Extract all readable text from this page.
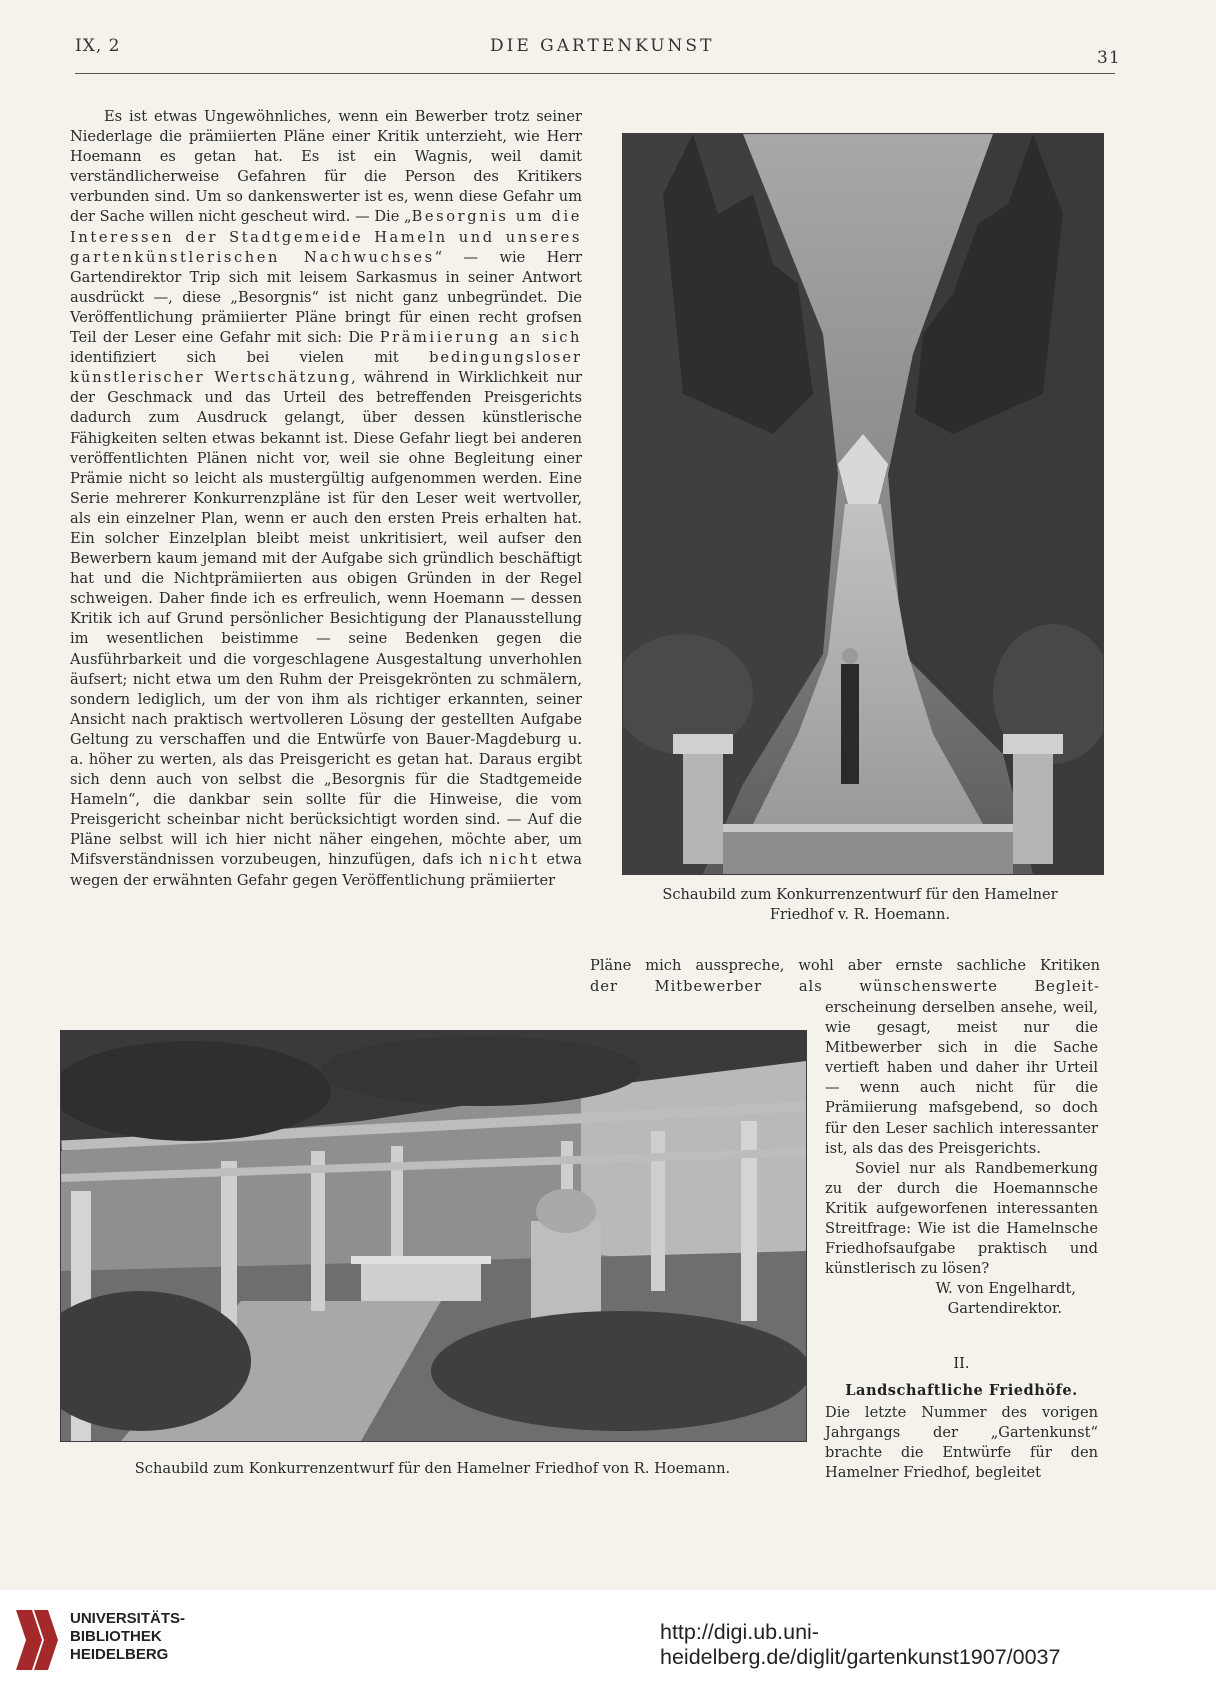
IX, 2	DIE GARTENKUNST
31

Es ist etwas Ungewöhnliches, wenn ein Bewerber trotz seiner Niederlage die prämiierten Pläne einer Kritik unterzieht, wie Herr Hoemann es getan hat. Es ist ein Wagnis, weil damit verständlicherweise Gefahren für die Person des Kritikers verbunden sind. Um so dankenswerter ist es, wenn diese Gefahr um der Sache willen nicht gescheut wird. — Die „Besorgnis um die Interessen der Stadtgemeide Hameln und unseres gartenkünstlerischen Nachwuchses“ — wie Herr Gartendirektor Trip sich mit leisem Sarkasmus in seiner Antwort ausdrückt —, diese „Besorgnis“ ist nicht ganz unbegründet. Die Veröffentlichung prämiierter Pläne bringt für einen recht grofsen Teil der Leser eine Gefahr mit sich: Die Prämiierung an sich identifiziert sich bei vielen mit bedingungsloser künstlerischer Wertschätzung, während in Wirklichkeit nur der Geschmack und das Urteil des betreffenden Preisgerichts dadurch zum Ausdruck gelangt, über dessen künstlerische Fähigkeiten selten etwas bekannt ist. Diese Gefahr liegt bei anderen veröffentlichten Plänen nicht vor, weil sie ohne Begleitung einer Prämie nicht so leicht als mustergültig aufgenommen werden. Eine Serie mehrerer Konkurrenzpläne ist für den Leser weit wertvoller, als ein einzelner Plan, wenn er auch den ersten Preis erhalten hat. Ein solcher Einzelplan bleibt meist unkritisiert, weil aufser den Bewerbern kaum jemand mit der Aufgabe sich gründlich beschäftigt hat und die Nichtprämiierten aus obigen Gründen in der Regel schweigen. Daher finde ich es erfreulich, wenn Hoemann — dessen Kritik ich auf Grund persönlicher Besichtigung der Planausstellung im wesentlichen beistimme — seine Bedenken gegen die Ausführbarkeit und die vorgeschlagene Ausgestaltung unverhohlen äufsert; nicht etwa um den Ruhm der Preisgekrönten zu schmälern, sondern lediglich, um der von ihm als richtiger erkannten, seiner Ansicht nach praktisch wertvolleren Lösung der gestellten Aufgabe Geltung zu verschaffen und die Entwürfe von Bauer-Magdeburg u. a. höher zu werten, als das Preisgericht es getan hat. Daraus ergibt sich denn auch von selbst die „Besorgnis für die Stadtgemeide Hameln“, die dankbar sein sollte für die Hinweise, die vom Preisgericht scheinbar nicht berücksichtigt worden sind. — Auf die Pläne selbst will ich hier nicht näher eingehen, möchte aber, um Mifsverständnissen vorzubeugen, hinzufügen, dafs ich nicht etwa wegen der erwähnten Gefahr gegen Veröffentlichung prämiierter

Schaubild zum Konkurrenzentwurf für den Hamelner
Friedhof v. R. Hoemann.

Pläne mich ausspreche, wohl aber ernste sachliche Kritiken

der Mitbewerber als wünschenswerte Begleit-

Schaubild zum Konkurrenzentwurf für den Hamelner Friedhof von R. Hoemann.

erscheinung derselben ansehe, weil, wie gesagt, meist nur die Mitbewerber sich in die Sache vertieft haben und daher ihr Urteil — wenn auch nicht für die Prämiierung mafsgebend, so doch für den Leser sachlich interessanter ist, als das des Preisgerichts.
Soviel nur als Randbemerkung zu der durch die Hoemannsche Kritik aufgeworfenen interessanten Streitfrage: Wie ist die Hamelnsche Friedhofsaufgabe praktisch und künstlerisch zu lösen?
W. von Engelhardt,
Gartendirektor.

II.
Landschaftliche Friedhöfe.

Die letzte Nummer des vorigen Jahrgangs der „Gartenkunst“ brachte die Entwürfe für den Hamelner Friedhof, begleitet

UNIVERSITÄTS-
BIBLIOTHEK
HEIDELBERG
http://digi.ub.uni-heidelberg.de/diglit/gartenkunst1907/0037
